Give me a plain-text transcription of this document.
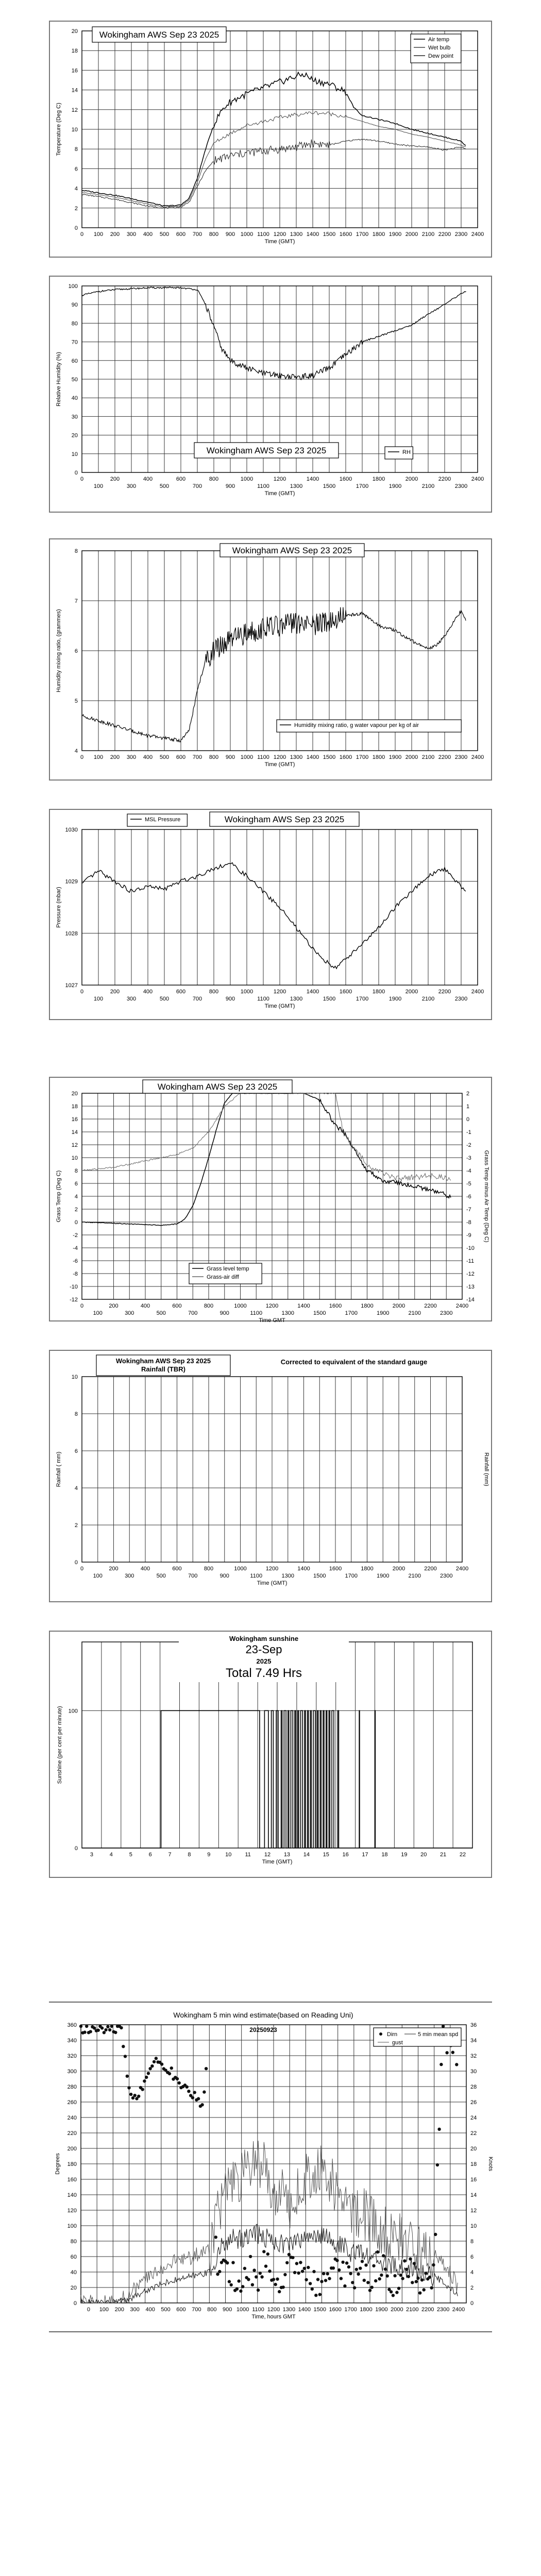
0
2
4
6
8
10
12
14
16
18
20
0 100 200 300 400 500 600 700 800 900 1000 1100 1200 1300 1400 1500 1600 1700 1800 1900 2000 2100 2200 2300 2400
Time (GMT)
Temperature (Deg C)
Wokingham AWS Sep 23 2025	Air temp
Wet bulb
Dew point
0
10
20
30
40
50
60
70
80
90
100
0	200	400	600	800	1000	1200	1400	1600	1800	2000	2200	2400
100	300	500	700	900	1100	1300	1500	1700	1900	2100	2300
Time (GMT)
Relative Humidity (%)
Wokingham AWS Sep 23 2025	RH
4
5
6
7
8
0 100 200 300 400 500 600 700 800 900 1000 1100 1200 1300 1400 1500 1600 1700 1800 1900 2000 2100 2200 2300 2400
Time (GMT)
Humidity mixing ratio, (grammes)
Wokingham AWS Sep 23 2025
Humidity mixing ratio, g water vapour per kg of air
1027
1028
1029
1030
0	200	400	600	800	1000	1200	1400	1600	1800	2000	2200	2400
100	300	500	700	900	1100	1300	1500	1700	1900	2100	2300
Time (GMT)
Pressure (mbar)
Wokingham AWS Sep 23 2025
MSL Pressure
-12
-10
-8
-6
-4
-2
0
2
4
6
8
10
12
14
16
18
20
-14
-13
-12
-11
-10
-9
-8
-7
-6
-5
-4
-3
-2
-1
0
1
2
0	200	400	600	800	1000	1200	1400	1600	1800	2000	2200	2400
100	300	500	700	900	1100	1300	1500	1700	1900	2100	2300
Time GMT
Grass Temp (Deg C)	Grass Temp minus Air Temp (Deg C)
Wokingham AWS Sep 23 2025
Grass level temp
Grass-air diff
0
2
4
6
8
10
0	200	400	600	800	1000	1200	1400	1600	1800	2000	2200	2400
100	300	500	700	900	1100	1300	1500	1700	1900	2100	2300
Time (GMT)
Rainfall ( mm)	Rainfall (mm)
Wokingham AWS Sep 23 2025
Rainfall (TBR)
Corrected to equivalent of the standard gauge
0
100
3	4	5	6	7	8	9	10 11 12 13 14 15 16 17 18 19 20 21 22
Time (GMT)
Sunshine (per cent per minute)
Wokingham sunshine
23-Sep
2025
Total 7.49 Hrs
0
20
40
60
80
100
120
140
160
180
200
220
240
260
280
300
320
340
360
0
2
4
6
8
10
12
14
16
18
20
22
24
26
28
30
32
34
36
0 100 200 300 400 500 600 700 800 900 1000 1100 1200 1300 1400 1500 1600 1700 1800 1900 2000 2100 2200 2300 2400
Time, hours GMT
Degrees	Knots
Wokingham 5 min wind estimate(based on Reading Uni)
20250923
Dirn	5 min mean spd
gust
